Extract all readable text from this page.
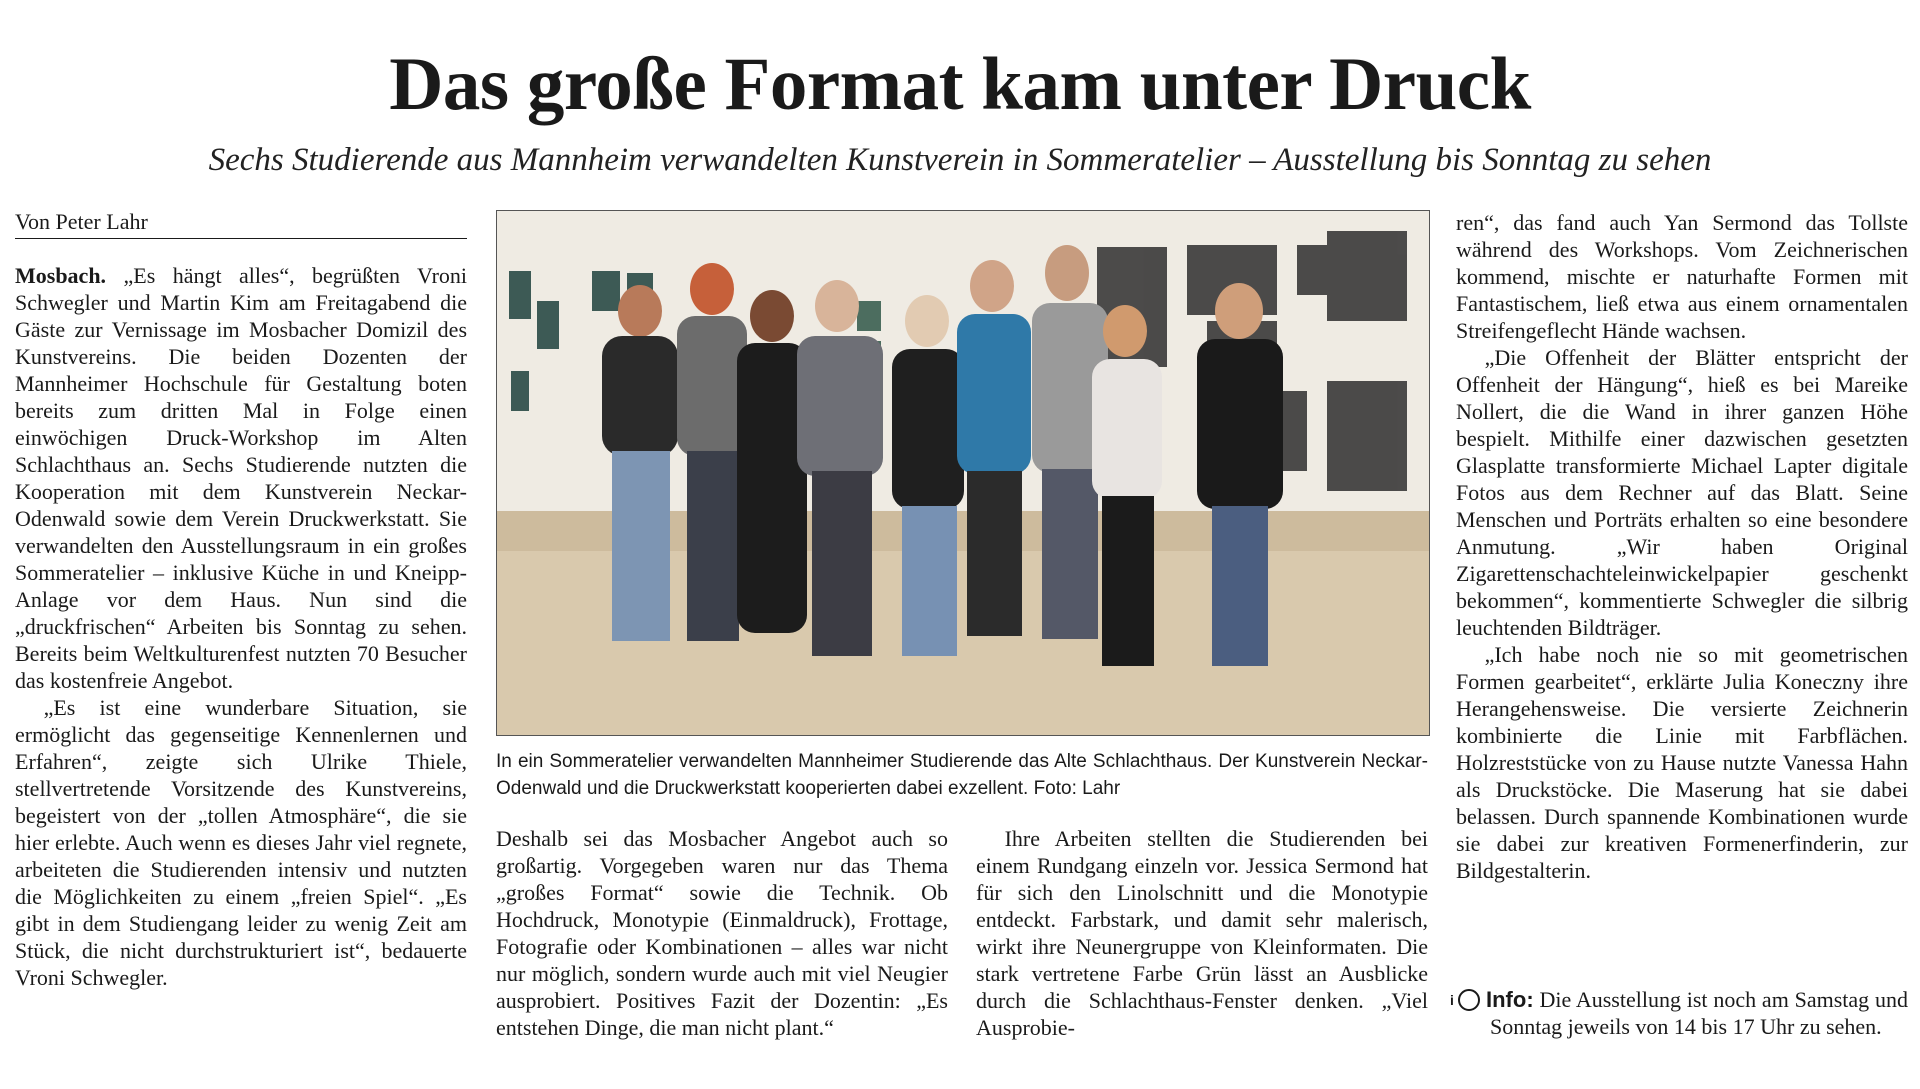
Das große Format kam unter Druck
Sechs Studierende aus Mannheim verwandelten Kunstverein in Sommeratelier – Ausstellung bis Sonntag zu sehen
Von Peter Lahr

Mosbach. „Es hängt alles“, begrüßten Vroni Schwegler und Martin Kim am Freitagabend die Gäste zur Vernissage im Mosbacher Domizil des Kunstvereins. Die beiden Dozenten der Mannheimer Hochschule für Gestaltung boten bereits zum dritten Mal in Folge einen einwöchigen Druck-Workshop im Alten Schlachthaus an. Sechs Studierende nutzten die Kooperation mit dem Kunstverein Neckar-Odenwald sowie dem Verein Druckwerkstatt. Sie verwandelten den Ausstellungsraum in ein großes Sommeratelier – inklusive Küche in und Kneipp-Anlage vor dem Haus. Nun sind die „druckfrischen“ Arbeiten bis Sonntag zu sehen. Bereits beim Weltkulturenfest nutzten 70 Besucher das kostenfreie Angebot.

„Es ist eine wunderbare Situation, sie ermöglicht das gegenseitige Kennenlernen und Erfahren“, zeigte sich Ulrike Thiele, stellvertretende Vorsitzende des Kunstvereins, begeistert von der „tollen Atmosphäre“, die sie hier erlebte. Auch wenn es dieses Jahr viel regnete, arbeiteten die Studierenden intensiv und nutzten die Möglichkeiten zu einem „freien Spiel“. „Es gibt in dem Studiengang leider zu wenig Zeit am Stück, die nicht durchstrukturiert ist“, bedauerte Vroni Schwegler.

In ein Sommeratelier verwandelten Mannheimer Studierende das Alte Schlachthaus. Der Kunstverein Neckar-Odenwald und die Druckwerkstatt kooperierten dabei exzellent. Foto: Lahr

Deshalb sei das Mosbacher Angebot auch so großartig. Vorgegeben waren nur das Thema „großes Format“ sowie die Technik. Ob Hochdruck, Monotypie (Einmaldruck), Frottage, Fotografie oder Kombinationen – alles war nicht nur möglich, sondern wurde auch mit viel Neugier ausprobiert. Positives Fazit der Dozentin: „Es entstehen Dinge, die man nicht plant.“

Ihre Arbeiten stellten die Studierenden bei einem Rundgang einzeln vor. Jessica Sermond hat für sich den Linolschnitt und die Monotypie entdeckt. Farbstark, und damit sehr malerisch, wirkt ihre Neunergruppe von Kleinformaten. Die stark vertretene Farbe Grün lässt an Ausblicke durch die Schlachthaus-Fenster denken. „Viel Ausprobie-

ren“, das fand auch Yan Sermond das Tollste während des Workshops. Vom Zeichnerischen kommend, mischte er naturhafte Formen mit Fantastischem, ließ etwa aus einem ornamentalen Streifengeflecht Hände wachsen.

„Die Offenheit der Blätter entspricht der Offenheit der Hängung“, hieß es bei Mareike Nollert, die die Wand in ihrer ganzen Höhe bespielt. Mithilfe einer dazwischen gesetzten Glasplatte transformierte Michael Lapter digitale Fotos aus dem Rechner auf das Blatt. Seine Menschen und Porträts erhalten so eine besondere Anmutung. „Wir haben Original Zigarettenschachteleinwickelpapier geschenkt bekommen“, kommentierte Schwegler die silbrig leuchtenden Bildträger.

„Ich habe noch nie so mit geometrischen Formen gearbeitet“, erklärte Julia Koneczny ihre Herangehensweise. Die versierte Zeichnerin kombinierte die Linie mit Farbflächen. Holzreststücke von zu Hause nutzte Vanessa Hahn als Druckstöcke. Die Maserung hat sie dabei belassen. Durch spannende Kombinationen wurde sie dabei zur kreativen Formenerfinderin, zur Bildgestalterin.

i Info: Die Ausstellung ist noch am Samstag und Sonntag jeweils von 14 bis 17 Uhr zu sehen.
